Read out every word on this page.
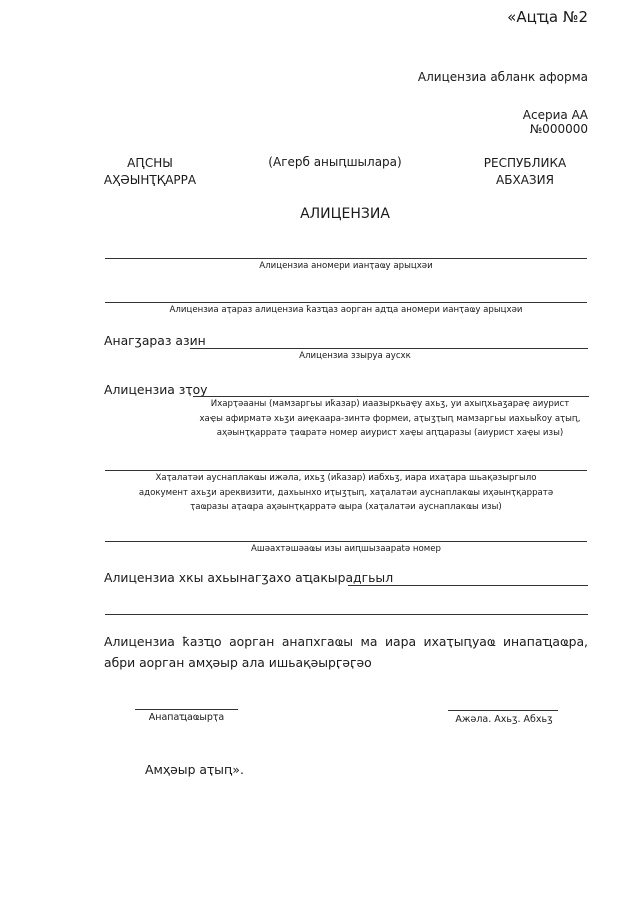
«Ацҵа №2
Алицензиа абланк аформа
Асериа АА
№000000
АԤСНЫ
АҲӘЫНҬҚАРРА
(Агерб аныԥшылара)	РЕСПУБЛИКА
АБХАЗИЯ
АЛИЦЕНЗИА
Алицензиа аномери ианҭаҩу арыцхәи
Алицензиа аҭараз алицензиа ҟазҵаз аорган адҵа аномери ианҭаҩу арыцхәи
Анагӡараз азин
Алицензиа ззыруа аусхк
Алицензиа зҭоу
Ихарҭәааны (мамзаргьы иҟазар) иаазыркьаҿу ахьӡ, уи ахыԥхьаӡараҿ аиурист
хаҿы афирматә хьӡи аиҿкаара-зинтә формеи, аҭыӡҭыԥ мамзаргьы иахьыҟоу аҭыԥ,
аҳәынҭқарратә ҭаҩратә номер аиурист хаҿы аԥҵаразы (аиурист хаҿы изы)
Хаҭалатәи ауснаплакҩы ижәла, ихьӡ (иҟазар) иабхьӡ, иара ихаҭара шьақәзыргыло
адокумент ахьӡи ареквизити, дахьынхо иҭыӡҭыԥ, хаҭалатәи ауснаплакҩы иҳәынҭқарратә
ҭаҩразы аҭаҩра аҳәынҭқарратә ҩыра (хаҭалатәи ауснаплакҩы изы)
Ашәахтәшәаҩы изы аиԥшызаарatә номер
Алицензиа хкы ахьынагӡахо аҵакырадгьыл
Алицензиа ҟазҵо аорган анапхгаҩы ма иара ихаҭыԥуаҩ инапаҵаҩра, абри аорган амҳәыр ала ишьақәырӷәӷәо
Анапаҵаҩырҭа	Ажәла. Ахьӡ. Абхьӡ
Амҳәыр аҭыԥ».
